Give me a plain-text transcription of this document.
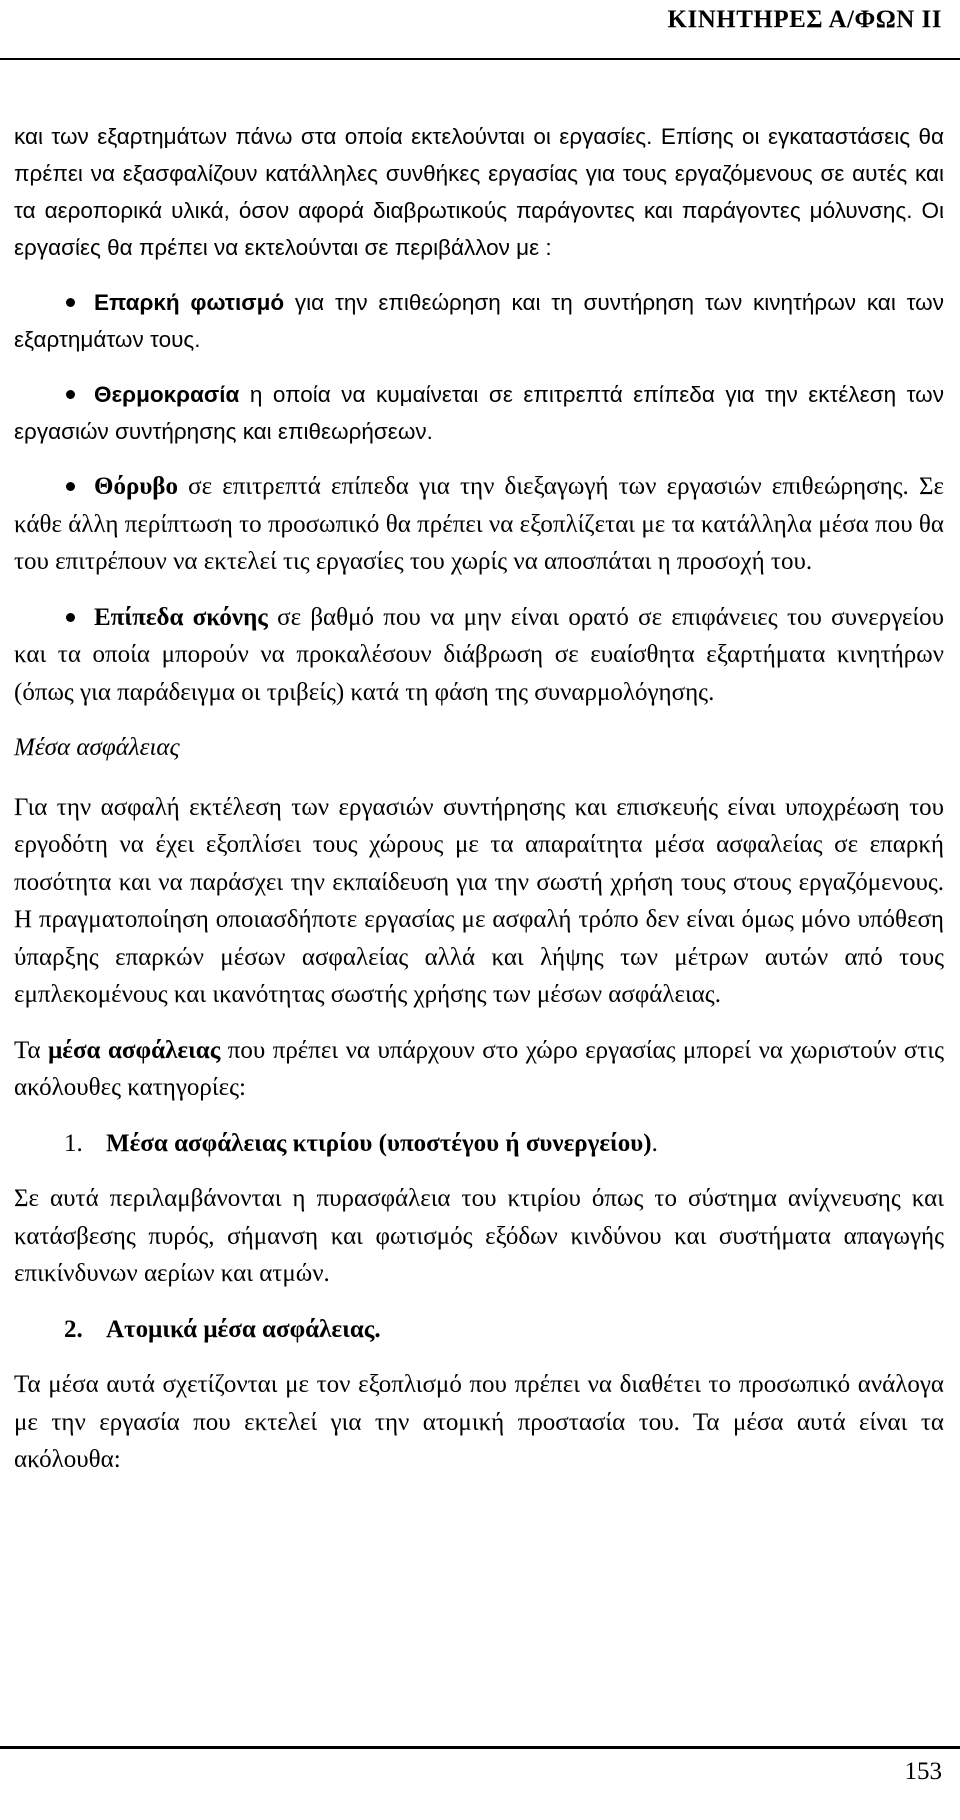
ΚΙΝΗΤΗΡΕΣ Α/ΦΩΝ ΙΙ

και των εξαρτημάτων πάνω στα οποία εκτελούνται οι εργασίες. Επίσης οι εγκαταστάσεις θα πρέπει να εξασφαλίζουν κατάλληλες συνθήκες εργασίας για τους εργαζόμενους σε αυτές και τα αεροπορικά υλικά, όσον αφορά διαβρωτικούς παράγοντες και παράγοντες μόλυνσης. Οι εργασίες θα πρέπει να εκτελούνται σε περιβάλλον με :

Επαρκή φωτισμό για την επιθεώρηση και τη συντήρηση των κινητήρων και των εξαρτημάτων τους.

Θερμοκρασία η οποία να κυμαίνεται σε επιτρεπτά επίπεδα για την εκτέλεση των εργασιών συντήρησης και επιθεωρήσεων.

Θόρυβο σε επιτρεπτά επίπεδα για την διεξαγωγή των εργασιών επιθεώρησης. Σε κάθε άλλη περίπτωση το προσωπικό θα πρέπει να εξοπλίζεται με τα κατάλληλα μέσα που θα του επιτρέπουν να εκτελεί τις εργασίες του χωρίς να αποσπάται η προσοχή του.

Επίπεδα σκόνης σε βαθμό που να μην είναι ορατό σε επιφάνειες του συνεργείου και τα οποία μπορούν να προκαλέσουν διάβρωση σε ευαίσθητα εξαρτήματα κινητήρων (όπως για παράδειγμα οι τριβείς) κατά τη φάση της συναρμολόγησης.

Μέσα ασφάλειας

Για την ασφαλή εκτέλεση των εργασιών συντήρησης και επισκευής είναι υποχρέωση του εργοδότη να έχει εξοπλίσει τους χώρους με τα απαραίτητα μέσα ασφαλείας σε επαρκή ποσότητα και να παράσχει την εκπαίδευση για την σωστή χρήση τους στους εργαζόμενους. Η πραγματοποίηση οποιασδήποτε εργασίας με ασφαλή τρόπο δεν είναι όμως μόνο υπόθεση ύπαρξης επαρκών μέσων ασφαλείας αλλά και λήψης των μέτρων αυτών από τους εμπλεκομένους και ικανότητας σωστής χρήσης των μέσων ασφάλειας.

Τα μέσα ασφάλειας που πρέπει να υπάρχουν στο χώρο εργασίας μπορεί να χωριστούν στις ακόλουθες κατηγορίες:

1. Μέσα ασφάλειας κτιρίου (υποστέγου ή συνεργείου).

Σε αυτά περιλαμβάνονται η πυρασφάλεια του κτιρίου όπως το σύστημα ανίχνευσης και κατάσβεσης πυρός, σήμανση και φωτισμός εξόδων κινδύνου και συστήματα απαγωγής επικίνδυνων αερίων και ατμών.

2. Ατομικά μέσα ασφάλειας.

Τα μέσα αυτά σχετίζονται με τον εξοπλισμό που πρέπει να διαθέτει το προσωπικό ανάλογα με την εργασία που εκτελεί για την ατομική προστασία του. Τα μέσα αυτά είναι τα ακόλουθα:

153
